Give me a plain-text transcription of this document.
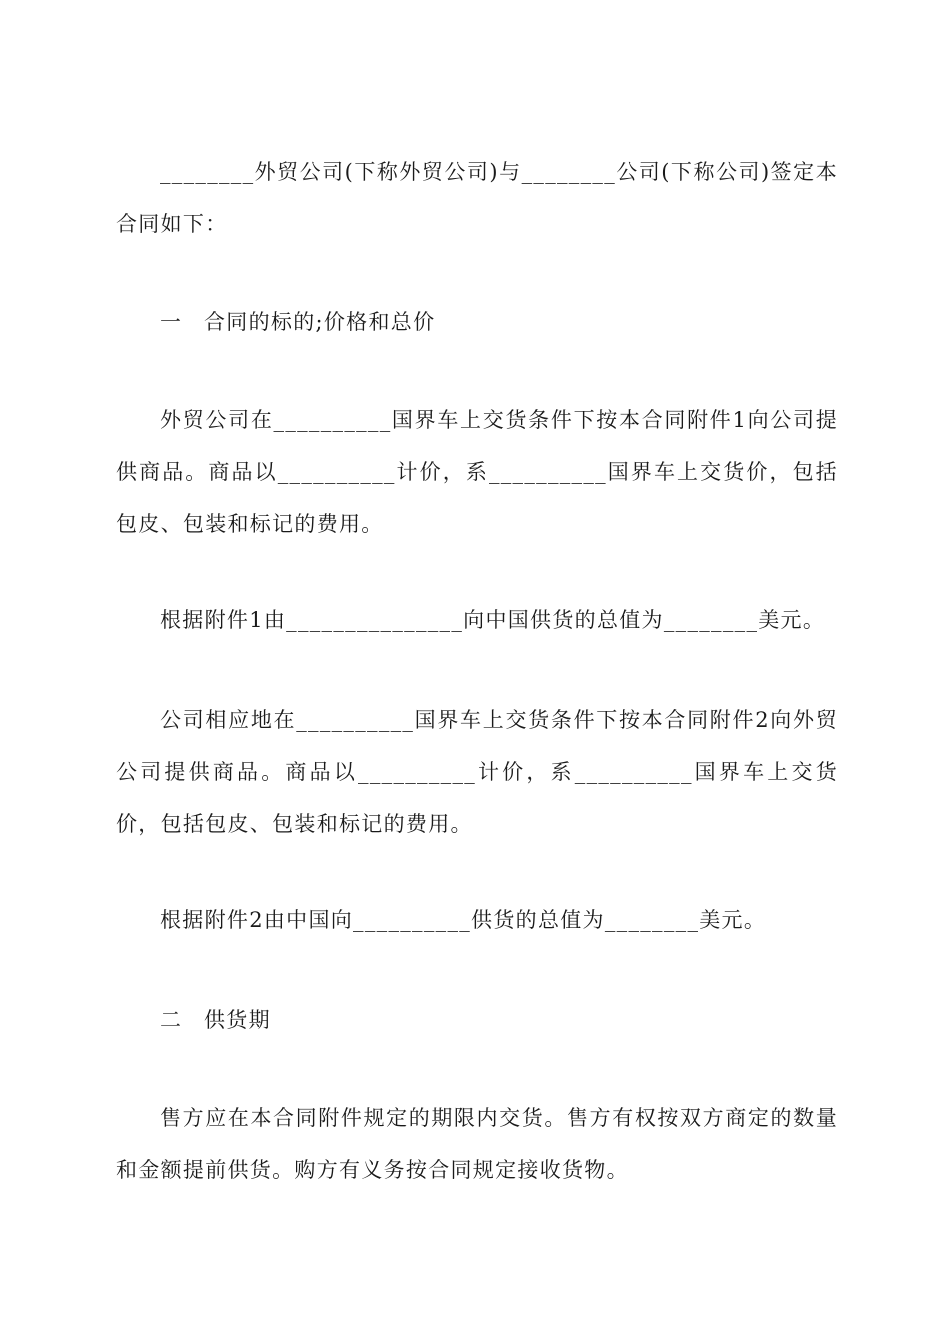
________外贸公司(下称外贸公司)与________公司(下称公司)签定本合同如下：

一 合同的标的;价格和总价

外贸公司在__________国界车上交货条件下按本合同附件1向公司提供商品。商品以__________计价，系__________国界车上交货价，包括包皮、包装和标记的费用。

根据附件1由_______________向中国供货的总值为________美元。

公司相应地在__________国界车上交货条件下按本合同附件2向外贸公司提供商品。商品以__________计价，系__________国界车上交货价，包括包皮、包装和标记的费用。

根据附件2由中国向__________供货的总值为________美元。

二 供货期

售方应在本合同附件规定的期限内交货。售方有权按双方商定的数量和金额提前供货。购方有义务按合同规定接收货物。
